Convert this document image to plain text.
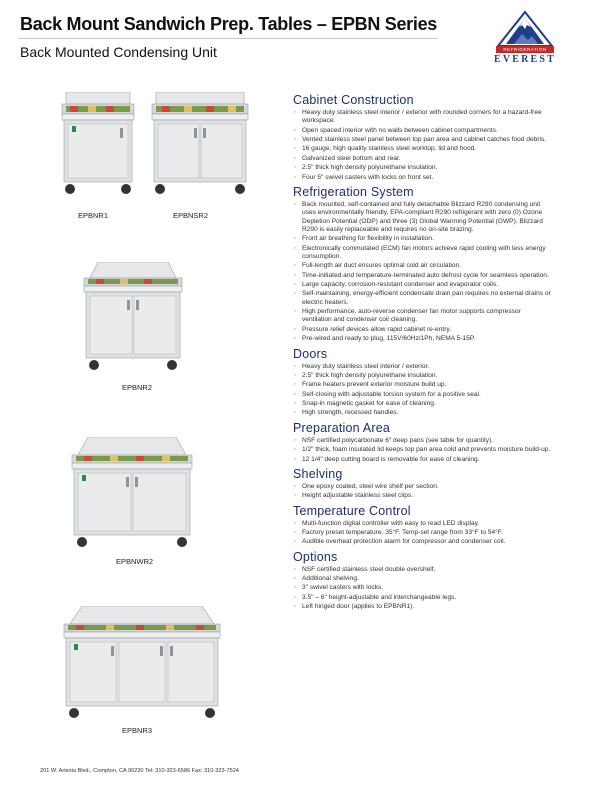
Back Mount Sandwich Prep. Tables – EPBN Series
Back Mounted Condensing Unit	REFRIGERATION
EVEREST
EPBNR1	EPBNSR2
EPBNR2
EPBNWR2
EPBNR3
Cabinet Construction
◦ Heavy duty stainless steel interior / exterior with rounded corners for a hazard-free workspace.
◦ Open spaced interior with no walls between cabinet compartments.
◦ Vented stainless steel panel between top pan area and cabinet catches food debris.
◦ 16 gauge, high quality stainless steel worktop, lid and hood.
◦ Galvanized steel bottom and rear.
◦ 2.5" thick high density polyurethane insulation.
◦ Four 5" swivel casters with locks on front set.
Refrigeration System
◦ Back mounted, self-contained and fully detachable Blizzard R290 condensing unit uses environmentally friendly, EPA-compliant R290 refrigerant with zero (0) Ozone Depletion Potential (ODP) and three (3) Global Warming Potential (GWP). Blizzard R290 is easily replaceable and requires no on-site brazing.
◦ Front air breathing for flexibility in installation.
◦ Electronically commutated (ECM) fan motors achieve rapid cooling with less energy consumption.
◦ Full-length air duct ensures optimal cold air circulation.
◦ Time-initiated and temperature-terminated auto defrost cycle for seamless operation.
◦ Large capacity, corrosion-resistant condenser and evaporator coils.
◦ Self-maintaining, energy-efficient condensate drain pan requires no external drains or electric heaters.
◦ High performance, auto-reverse condenser fan motor supports compressor ventilation and condenser coil cleaning.
◦ Pressure relief devices allow rapid cabinet re-entry.
◦ Pre-wired and ready to plug, 115V/60Hz/1Ph, NEMA 5-15P.
Doors
◦ Heavy duty stainless steel interior / exterior.
◦ 2.5" thick high density polyurethane insulation.
◦ Frame heaters prevent exterior moisture build up.
◦ Self-closing with adjustable torsion system for a positive seal.
◦ Snap-in magnetic gasket for ease of cleaning.
◦ High strength, recessed handles.
Preparation Area
◦ NSF certified polycarbonate 6" deep pans (see table for quantity).
◦ 1/2" thick, foam insulated lid keeps top pan area cold and prevents moisture build-up.
◦ 12 1/4" deep cutting board is removable for ease of cleaning.
Shelving
◦ One epoxy coated, steel wire shelf per section.
◦ Height adjustable stainless steel clips.
Temperature Control
◦ Multi-function digital controller with easy to read LED display.
◦ Factory preset temperature, 35°F. Temp-set range from 33°F to 54°F.
◦ Audible overheat protection alarm for compressor and condenser coil.
Options
◦ NSF certified stainless steel double overshelf.
◦ Additional shelving.
◦ 3" swivel casters with locks.
◦ 3.5" – 6" height-adjustable and interchangeable legs.
◦ Left hinged door (applies to EPBNR1).
201 W. Artesia Blvd., Compton, CA 90220 Tel: 310-323-6586 Fax: 310-323-7524
